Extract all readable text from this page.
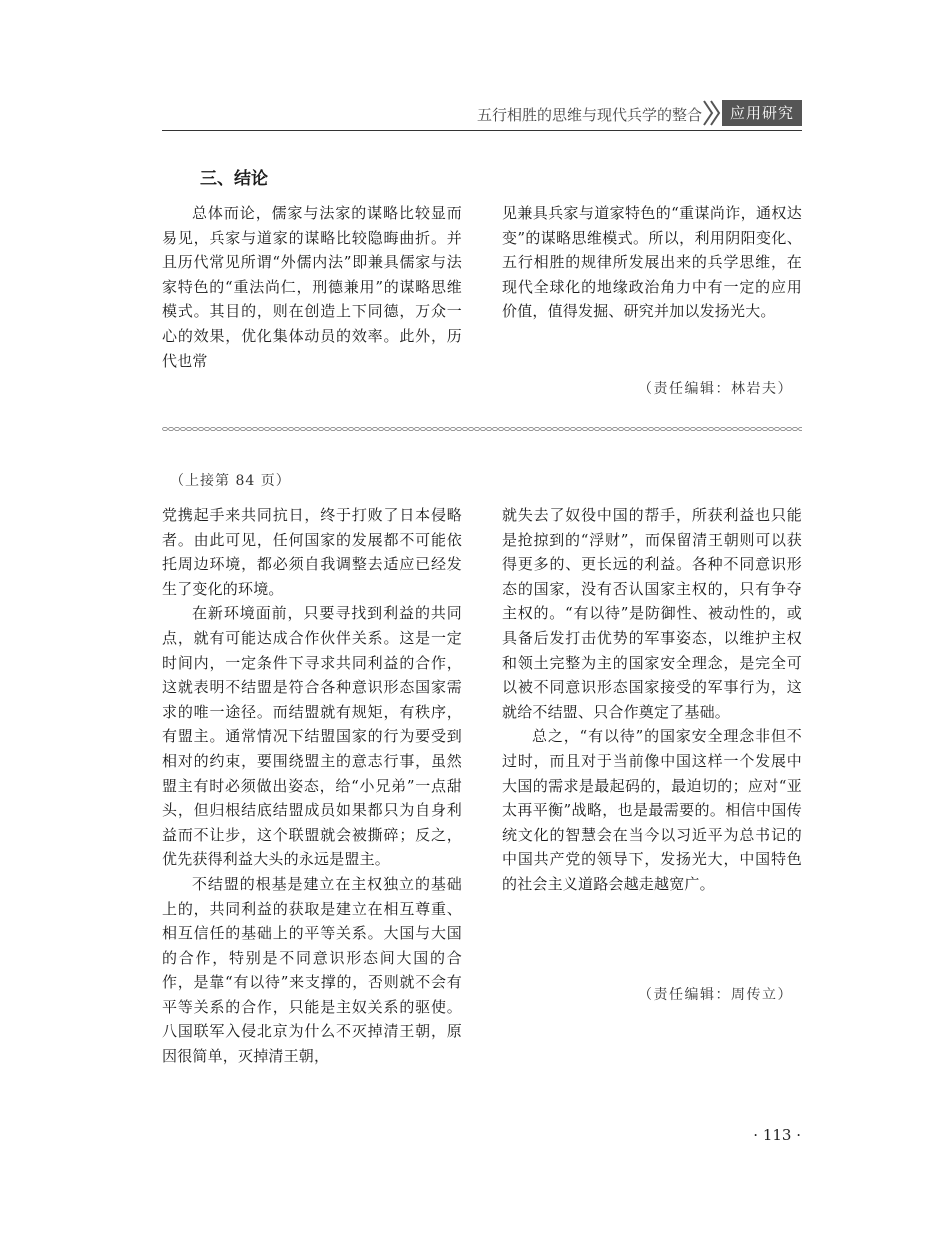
五行相胜的思维与现代兵学的整合	应用研究
三、结论

总体而论，儒家与法家的谋略比较显而易见，兵家与道家的谋略比较隐晦曲折。并且历代常见所谓“外儒内法”即兼具儒家与法家特色的“重法尚仁，刑德兼用”的谋略思维模式。其目的，则在创造上下同德，万众一心的效果，优化集体动员的效率。此外，历代也常

见兼具兵家与道家特色的“重谋尚诈，通权达变”的谋略思维模式。所以，利用阴阳变化、五行相胜的规律所发展出来的兵学思维，在现代全球化的地缘政治角力中有一定的应用价值，值得发掘、研究并加以发扬光大。

（责任编辑：林岩夫）
（上接第 84 页）

党携起手来共同抗日，终于打败了日本侵略者。由此可见，任何国家的发展都不可能依托周边环境，都必须自我调整去适应已经发生了变化的环境。

在新环境面前，只要寻找到利益的共同点，就有可能达成合作伙伴关系。这是一定时间内，一定条件下寻求共同利益的合作，这就表明不结盟是符合各种意识形态国家需求的唯一途径。而结盟就有规矩，有秩序，有盟主。通常情况下结盟国家的行为要受到相对的约束，要围绕盟主的意志行事，虽然盟主有时必须做出姿态，给“小兄弟”一点甜头，但归根结底结盟成员如果都只为自身利益而不让步，这个联盟就会被撕碎；反之，优先获得利益大头的永远是盟主。

不结盟的根基是建立在主权独立的基础上的，共同利益的获取是建立在相互尊重、相互信任的基础上的平等关系。大国与大国的合作，特别是不同意识形态间大国的合作，是靠“有以待”来支撑的，否则就不会有平等关系的合作，只能是主奴关系的驱使。八国联军入侵北京为什么不灭掉清王朝，原因很简单，灭掉清王朝，

就失去了奴役中国的帮手，所获利益也只能是抢掠到的“浮财”，而保留清王朝则可以获得更多的、更长远的利益。各种不同意识形态的国家，没有否认国家主权的，只有争夺主权的。“有以待”是防御性、被动性的，或具备后发打击优势的军事姿态，以维护主权和领土完整为主的国家安全理念，是完全可以被不同意识形态国家接受的军事行为，这就给不结盟、只合作奠定了基础。

总之，“有以待”的国家安全理念非但不过时，而且对于当前像中国这样一个发展中大国的需求是最起码的，最迫切的；应对“亚太再平衡”战略，也是最需要的。相信中国传统文化的智慧会在当今以习近平为总书记的中国共产党的领导下，发扬光大，中国特色的社会主义道路会越走越宽广。

（责任编辑：周传立）
· 113 ·
